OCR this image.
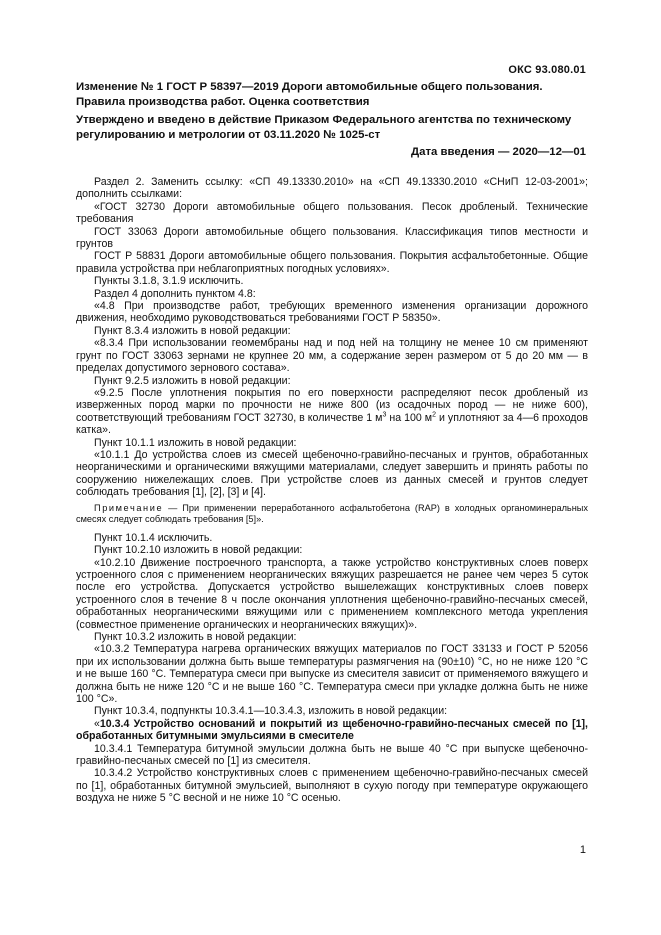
ОКС 93.080.01
Изменение № 1 ГОСТ Р 58397—2019 Дороги автомобильные общего пользования. Правила производства работ. Оценка соответствия
Утверждено и введено в действие Приказом Федерального агентства по техническому регулированию и метрологии от 03.11.2020 № 1025-ст
Дата введения — 2020—12—01

Раздел 2. Заменить ссылку: «СП 49.13330.2010» на «СП 49.13330.2010 «СНиП 12-03-2001»; дополнить ссылками:

«ГОСТ 32730 Дороги автомобильные общего пользования. Песок дробленый. Технические требования

ГОСТ 33063 Дороги автомобильные общего пользования. Классификация типов местности и грунтов

ГОСТ Р 58831 Дороги автомобильные общего пользования. Покрытия асфальтобетонные. Общие правила устройства при неблагоприятных погодных условиях».

Пункты 3.1.8, 3.1.9 исключить.

Раздел 4 дополнить пунктом 4.8:

«4.8 При производстве работ, требующих временного изменения организации дорожного движения, необходимо руководствоваться требованиями ГОСТ Р 58350».

Пункт 8.3.4 изложить в новой редакции:

«8.3.4 При использовании геомембраны над и под ней на толщину не менее 10 см применяют грунт по ГОСТ 33063 зернами не крупнее 20 мм, а содержание зерен размером от 5 до 20 мм — в пределах допустимого зернового состава».

Пункт 9.2.5 изложить в новой редакции:

«9.2.5 После уплотнения покрытия по его поверхности распределяют песок дробленый из изверженных пород марки по прочности не ниже 800 (из осадочных пород — не ниже 600), соответствующий требованиям ГОСТ 32730, в количестве 1 $м^3$ на 100 $м^2$ и уплотняют за 4—6 проходов катка».

Пункт 10.1.1 изложить в новой редакции:

«10.1.1 До устройства слоев из смесей щебеночно-гравийно-песчаных и грунтов, обработанных неорганическими и органическими вяжущими материалами, следует завершить и принять работы по сооружению нижележащих слоев. При устройстве слоев из данных смесей и грунтов следует соблюдать требования [1], [2], [3] и [4].

Примечание — При применении переработанного асфальтобетона (RAP) в холодных органоминеральных смесях следует соблюдать требования [5]».

Пункт 10.1.4 исключить.

Пункт 10.2.10 изложить в новой редакции:

«10.2.10 Движение построечного транспорта, а также устройство конструктивных слоев поверх устроенного слоя с применением неорганических вяжущих разрешается не ранее чем через 5 суток после его устройства. Допускается устройство вышележащих конструктивных слоев поверх устроенного слоя в течение 8 ч после окончания уплотнения щебеночно-гравийно-песчаных смесей, обработанных неорганическими вяжущими или с применением комплексного метода укрепления (совместное применение органических и неорганических вяжущих)».

Пункт 10.3.2 изложить в новой редакции:

«10.3.2 Температура нагрева органических вяжущих материалов по ГОСТ 33133 и ГОСТ Р 52056 при их использовании должна быть выше температуры размягчения на (90±10) °С, но не ниже 120 °С и не выше 160 °С. Температура смеси при выпуске из смесителя зависит от применяемого вяжущего и должна быть не ниже 120 °С и не выше 160 °С. Температура смеси при укладке должна быть не ниже 100 °С».

Пункт 10.3.4, подпункты 10.3.4.1—10.3.4.3, изложить в новой редакции:

«10.3.4 Устройство оснований и покрытий из щебеночно-гравийно-песчаных смесей по [1], обработанных битумными эмульсиями в смесителе

10.3.4.1 Температура битумной эмульсии должна быть не выше 40 °С при выпуске щебеночно-гравийно-песчаных смесей по [1] из смесителя.

10.3.4.2 Устройство конструктивных слоев с применением щебеночно-гравийно-песчаных смесей по [1], обработанных битумной эмульсией, выполняют в сухую погоду при температуре окружающего воздуха не ниже 5 °С весной и не ниже 10 °С осенью.

1
